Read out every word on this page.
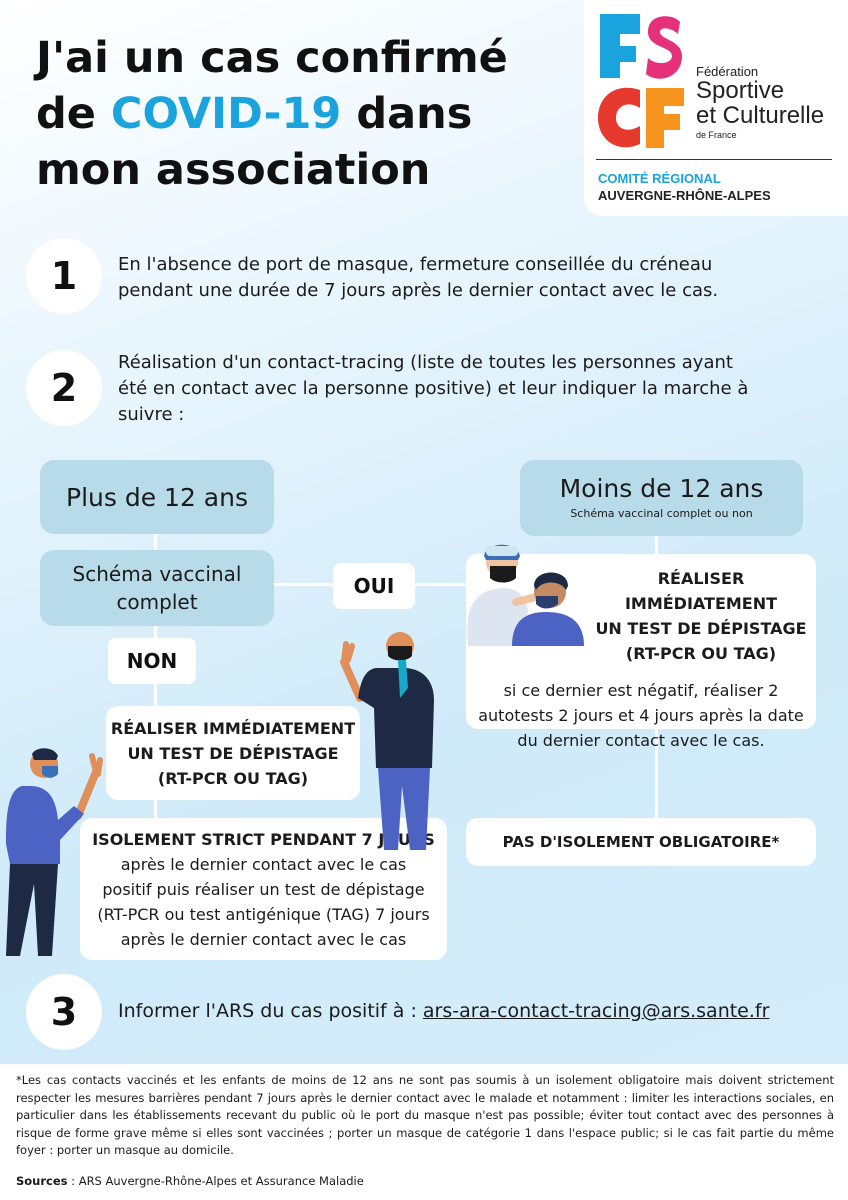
J'ai un cas confirmé
de COVID-19 dans
mon association
Fédération
Sportive
et Culturelle
de France
COMITÉ RÉGIONAL
AUVERGNE-RHÔNE-ALPES
1	En l'absence de port de masque, fermeture conseillée du créneau
pendant une durée de 7 jours après le dernier contact avec le cas.
2
Réalisation d'un contact-tracing (liste de toutes les personnes ayant
été en contact avec la personne positive) et leur indiquer la marche à
suivre :
Plus de 12 ans
Schéma vaccinal
complet
OUI
NON
RÉALISER IMMÉDIATEMENT
UN TEST DE DÉPISTAGE
(RT-PCR OU TAG)
ISOLEMENT STRICT PENDANT 7 JOURS
après le dernier contact avec le cas
positif puis réaliser un test de dépistage
(RT-PCR ou test antigénique (TAG) 7 jours
après le dernier contact avec le cas
Moins de 12 ans
Schéma vaccinal complet ou non
RÉALISER IMMÉDIATEMENT
UN TEST DE DÉPISTAGE
(RT-PCR OU TAG)
si ce dernier est négatif, réaliser 2
autotests 2 jours et 4 jours après la date
du dernier contact avec le cas.
PAS D'ISOLEMENT OBLIGATOIRE*
3	Informer l'ARS du cas positif à : ars-ara-contact-tracing@ars.sante.fr
*Les cas contacts vaccinés et les enfants de moins de 12 ans ne sont pas soumis à un isolement obligatoire mais doivent strictement respecter les mesures barrières pendant 7 jours après le dernier contact avec le malade et notamment : limiter les interactions sociales, en particulier dans les établissements recevant du public où le port du masque n'est pas possible; éviter tout contact avec des personnes à risque de forme grave même si elles sont vaccinées ; porter un masque de catégorie 1 dans l'espace public; si le cas fait partie du même foyer : porter un masque au domicile.
Sources : ARS Auvergne-Rhône-Alpes et Assurance Maladie
